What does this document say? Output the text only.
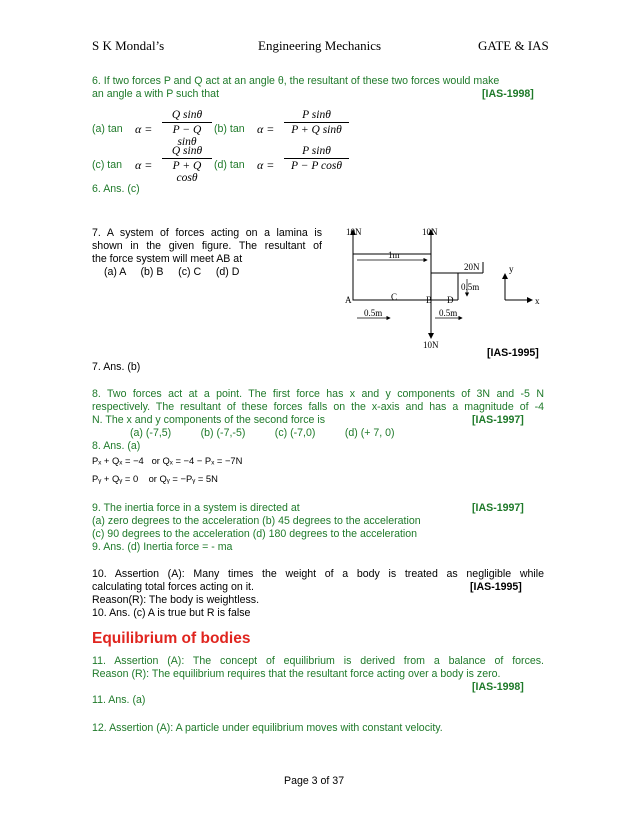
S K Mondal’s	Engineering Mechanics	GATE & IAS
6. If two forces P and Q act at an angle θ, the resultant of these two forces would make
an angle a with P such that	[IAS-1998]
(a) $\tan \alpha = \frac{\text{Q sinθ}}{\text{P − Q sinθ}} (b)$ $\tan \alpha = \frac{\text{P sinθ}}{\text{P + Q sinθ}}$
(c) $\tan \alpha = \frac{\text{Q sinθ}}{\text{P + Q cosθ}} (d)$ $\tan \alpha = \frac{\text{P sinθ}}{\text{P − P cosθ}}$
6. Ans. (c)
7. A system of forces acting on a lamina is
shown in the given figure. The resultant of
the force system will meet AB at
(a) A     (b) B     (c) C     (d) D
10N	10N
20N
10N
1m
0.5m
0.5m	0.5m
A	C	B D	x
y
[IAS-1995]
7. Ans. (b)
8. Two forces act at a point. The first force has x and y components of 3N and -5 N
respectively. The resultant of these forces falls on the x-axis and has a magnitude of -4
N. The x and y components of the second force is	[IAS-1997]
(a) (-7,5)          (b) (-7,-5)          (c) (-7,0)          (d) (+ 7, 0)
8. Ans. (a)
Pₓ + Qₓ = −4   or Qₓ = −4 − Pₓ = −7N
Pᵧ + Qᵧ = 0    or Qᵧ = −Pᵧ = 5N
9. The inertia force in a system is directed at	[IAS-1997]
(a) zero degrees to the acceleration (b) 45 degrees to the acceleration
(c) 90 degrees to the acceleration (d) 180 degrees to the acceleration
9. Ans. (d) Inertia force = - ma
10. Assertion (A): Many times the weight of a body is treated as negligible while
calculating total forces acting on it.	[IAS-1995]
Reason(R): The body is weightless.
10. Ans. (c) A is true but R is false
Equilibrium of bodies
11. Assertion (A): The concept of equilibrium is derived from a balance of forces.
Reason (R): The equilibrium requires that the resultant force acting over a body is zero.
[IAS-1998]
11. Ans. (a)
12. Assertion (A): A particle under equilibrium moves with constant velocity.
Page 3 of 37
